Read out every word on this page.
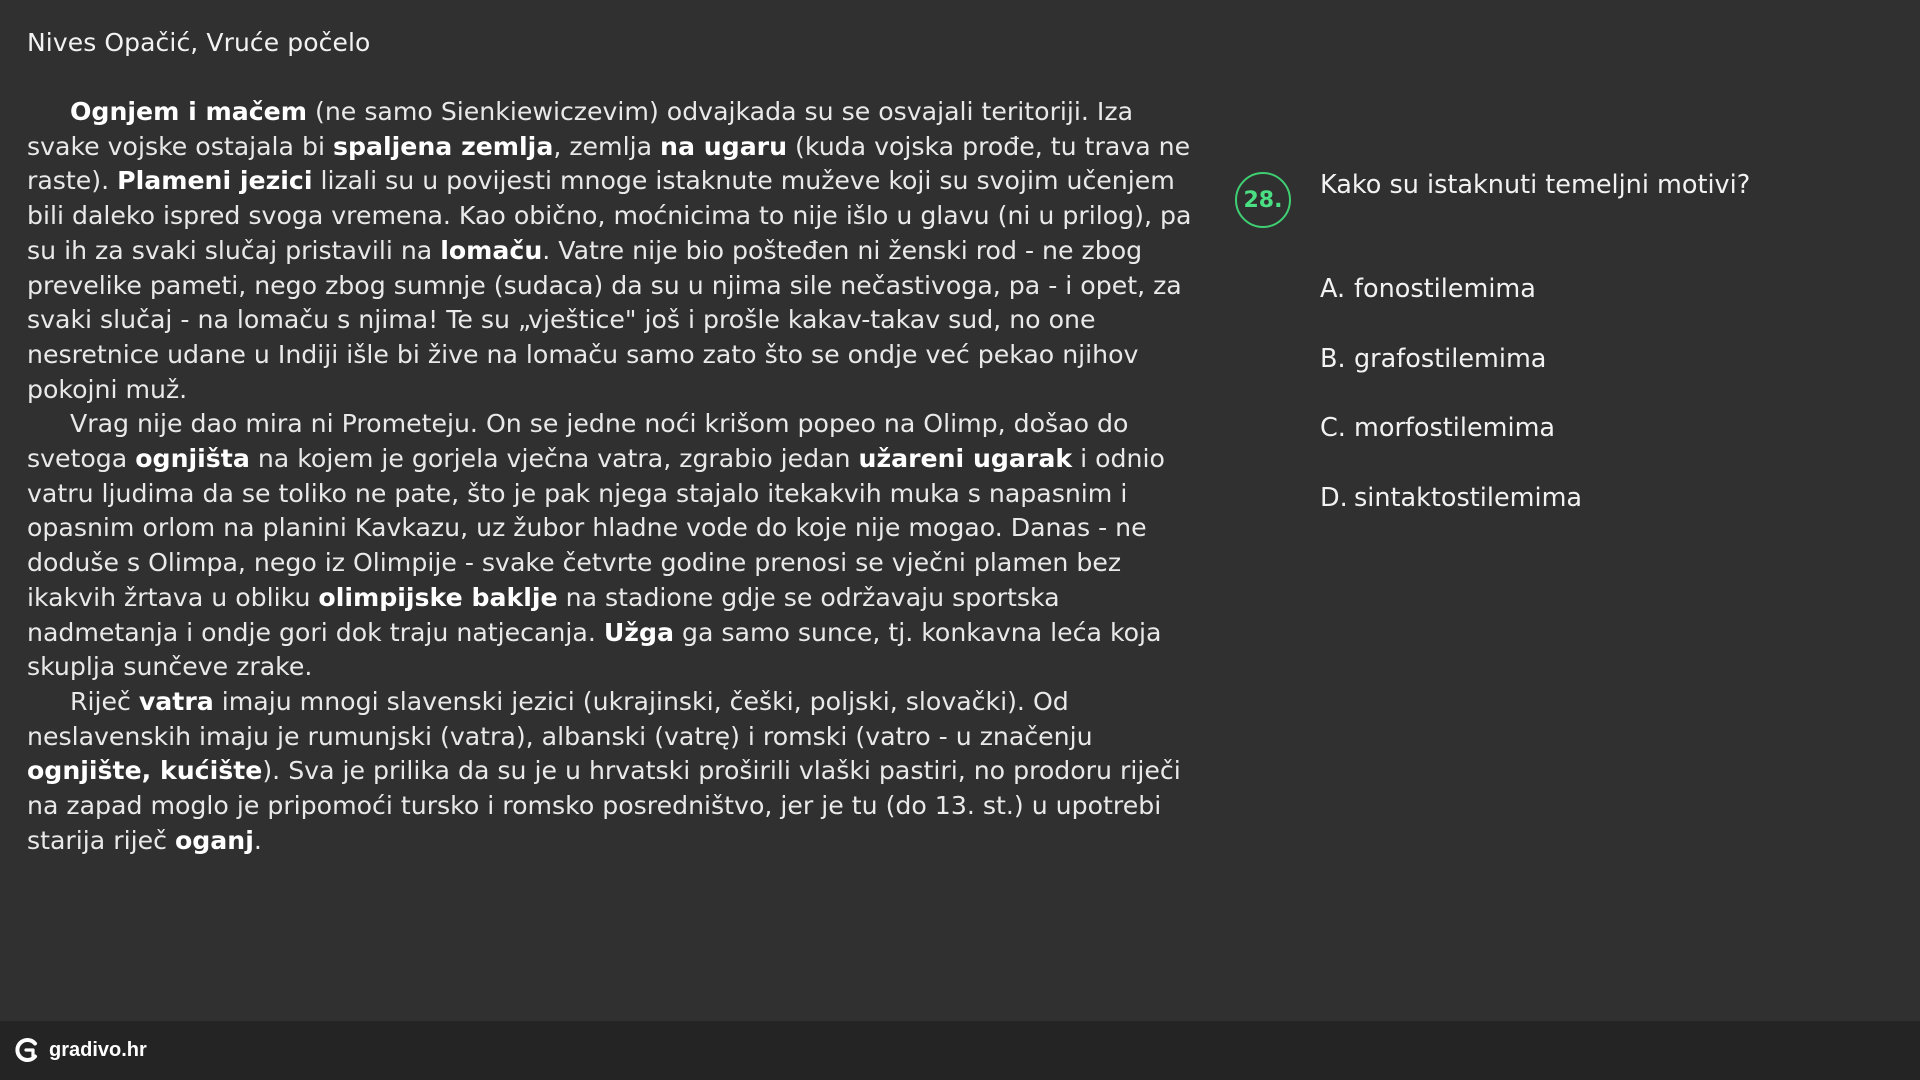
Nives Opačić, Vruće počelo

Ognjem i mačem (ne samo Sienkiewiczevim) odvajkada su se osvajali teritoriji. Iza svake vojske ostajala bi spaljena zemlja, zemlja na ugaru (kuda vojska prođe, tu trava ne raste). Plameni jezici lizali su u povijesti mnoge istaknute muževe koji su svojim učenjem bili daleko ispred svoga vremena. Kao obično, moćnicima to nije išlo u glavu (ni u prilog), pa su ih za svaki slučaj pristavili na lomaču. Vatre nije bio pošteđen ni ženski rod - ne zbog prevelike pameti, nego zbog sumnje (sudaca) da su u njima sile nečastivoga, pa - i opet, za svaki slučaj - na lomaču s njima! Te su „vještice" još i prošle kakav-takav sud, no one nesretnice udane u Indiji išle bi žive na lomaču samo zato što se ondje već pekao njihov pokojni muž.

Vrag nije dao mira ni Prometeju. On se jedne noći krišom popeo na Olimp, došao do svetoga ognjišta na kojem je gorjela vječna vatra, zgrabio jedan užareni ugarak i odnio vatru ljudima da se toliko ne pate, što je pak njega stajalo itekakvih muka s napasnim i opasnim orlom na planini Kavkazu, uz žubor hladne vode do koje nije mogao. Danas - ne doduše s Olimpa, nego iz Olimpije - svake četvrte godine prenosi se vječni plamen bez ikakvih žrtava u obliku olimpijske baklje na stadione gdje se održavaju sportska nadmetanja i ondje gori dok traju natjecanja. Užga ga samo sunce, tj. konkavna leća koja skuplja sunčeve zrake.

Riječ vatra imaju mnogi slavenski jezici (ukrajinski, češki, poljski, slovački). Od neslavenskih imaju je rumunjski (vatra), albanski (vatrę) i romski (vatro - u značenju ognjište, kućište). Sva je prilika da su je u hrvatski proširili vlaški pastiri, no prodoru riječi na zapad moglo je pripomoći tursko i romsko posredništvo, jer je tu (do 13. st.) u upotrebi starija riječ oganj.

28.	Kako su istaknuti temeljni motivi?
A. fonostilemima
B. grafostilemima
C. morfostilemima
D. sintaktostilemima
gradivo.hr
